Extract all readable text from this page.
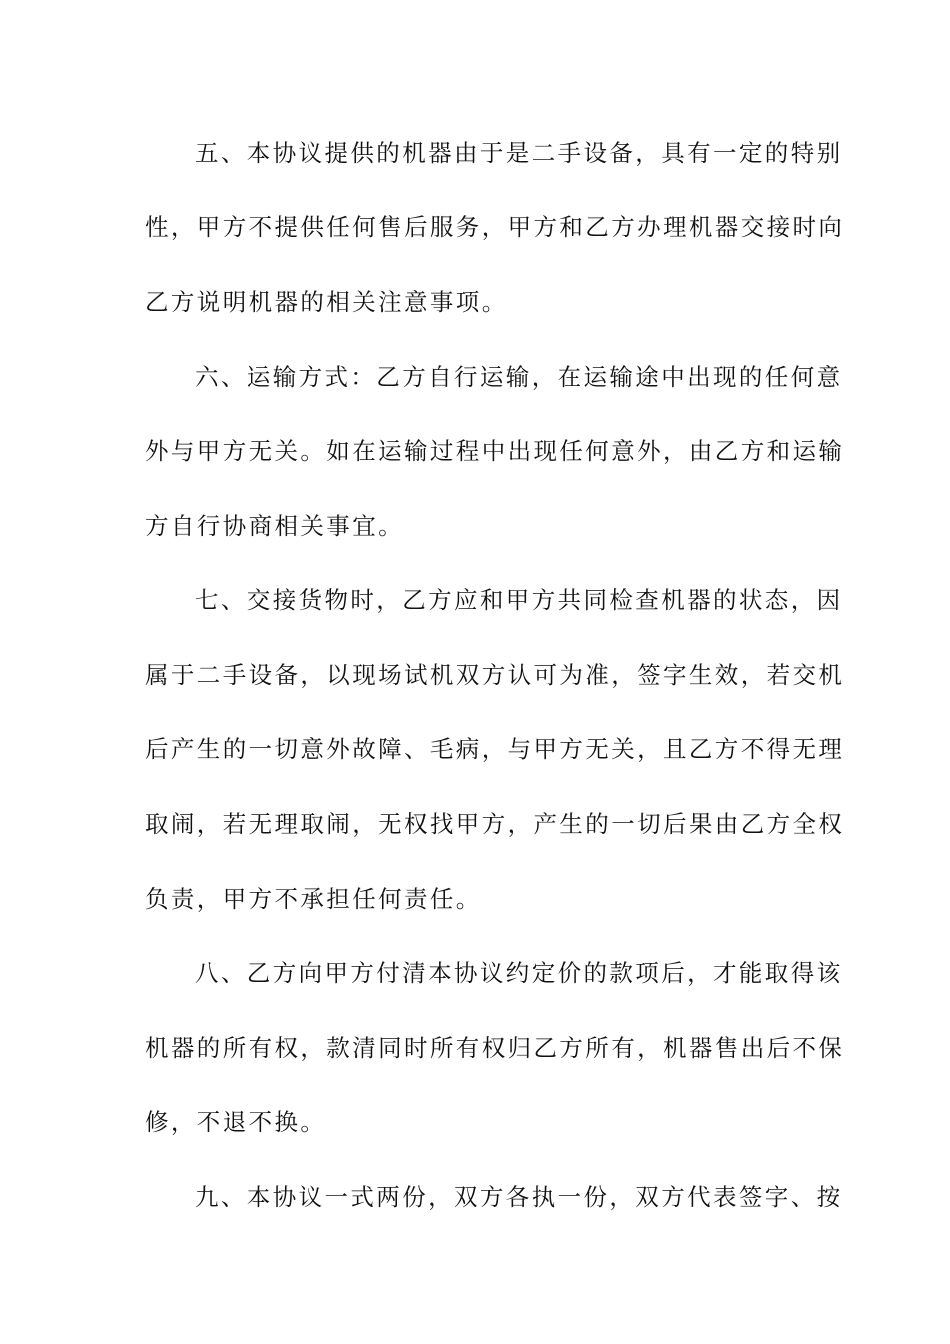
五、本协议提供的机器由于是二手设备，具有一定的特别
性，甲方不提供任何售后服务，甲方和乙方办理机器交接时向
乙方说明机器的相关注意事项。
六、运输方式：乙方自行运输，在运输途中出现的任何意
外与甲方无关。如在运输过程中出现任何意外，由乙方和运输
方自行协商相关事宜。
七、交接货物时，乙方应和甲方共同检查机器的状态，因
属于二手设备，以现场试机双方认可为准，签字生效，若交机
后产生的一切意外故障、毛病，与甲方无关，且乙方不得无理
取闹，若无理取闹，无权找甲方，产生的一切后果由乙方全权
负责，甲方不承担任何责任。
八、乙方向甲方付清本协议约定价的款项后，才能取得该
机器的所有权，款清同时所有权归乙方所有，机器售出后不保
修，不退不换。
九、本协议一式两份，双方各执一份，双方代表签字、按
